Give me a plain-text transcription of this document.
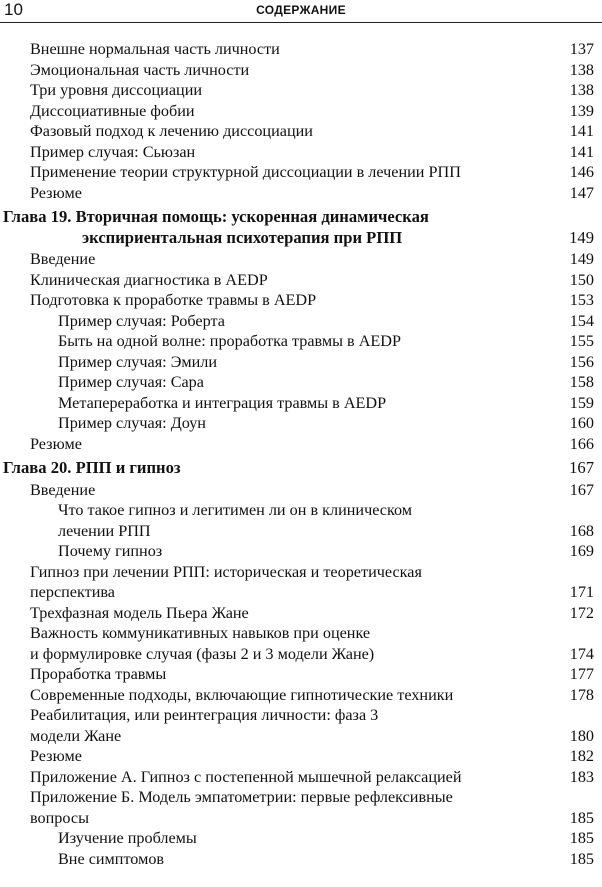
10	СОДЕРЖАНИЕ
Внешне нормальная часть личности	137
Эмоциональная часть личности	138
Три уровня диссоциации	138
Диссоциативные фобии	139
Фазовый подход к лечению диссоциации	141
Пример случая: Сьюзан	141
Применение теории структурной диссоциации в лечении РПП	146
Резюме	147
Глава 19. Вторичная помощь: ускоренная динамическая
экспириентальная психотерапия при РПП	149
Введение	149
Клиническая диагностика в AEDP	150
Подготовка к проработке травмы в AEDP	153
Пример случая: Роберта	154
Быть на одной волне: проработка травмы в AEDP	155
Пример случая: Эмили	156
Пример случая: Сара	158
Метапереработка и интеграция травмы в AEDP	159
Пример случая: Доун	160
Резюме	166
Глава 20. РПП и гипноз	167
Введение	167
Что такое гипноз и легитимен ли он в клиническом
лечении РПП	168
Почему гипноз	169
Гипноз при лечении РПП: историческая и теоретическая
перспектива	171
Трехфазная модель Пьера Жане	172
Важность коммуникативных навыков при оценке
и формулировке случая (фазы 2 и 3 модели Жане)	174
Проработка травмы	177
Современные подходы, включающие гипнотические техники	178
Реабилитация, или реинтеграция личности: фаза 3
модели Жане	180
Резюме	182
Приложение А. Гипноз с постепенной мышечной релаксацией	183
Приложение Б. Модель эмпатометрии: первые рефлексивные
вопросы	185
Изучение проблемы	185
Вне симптомов	185
